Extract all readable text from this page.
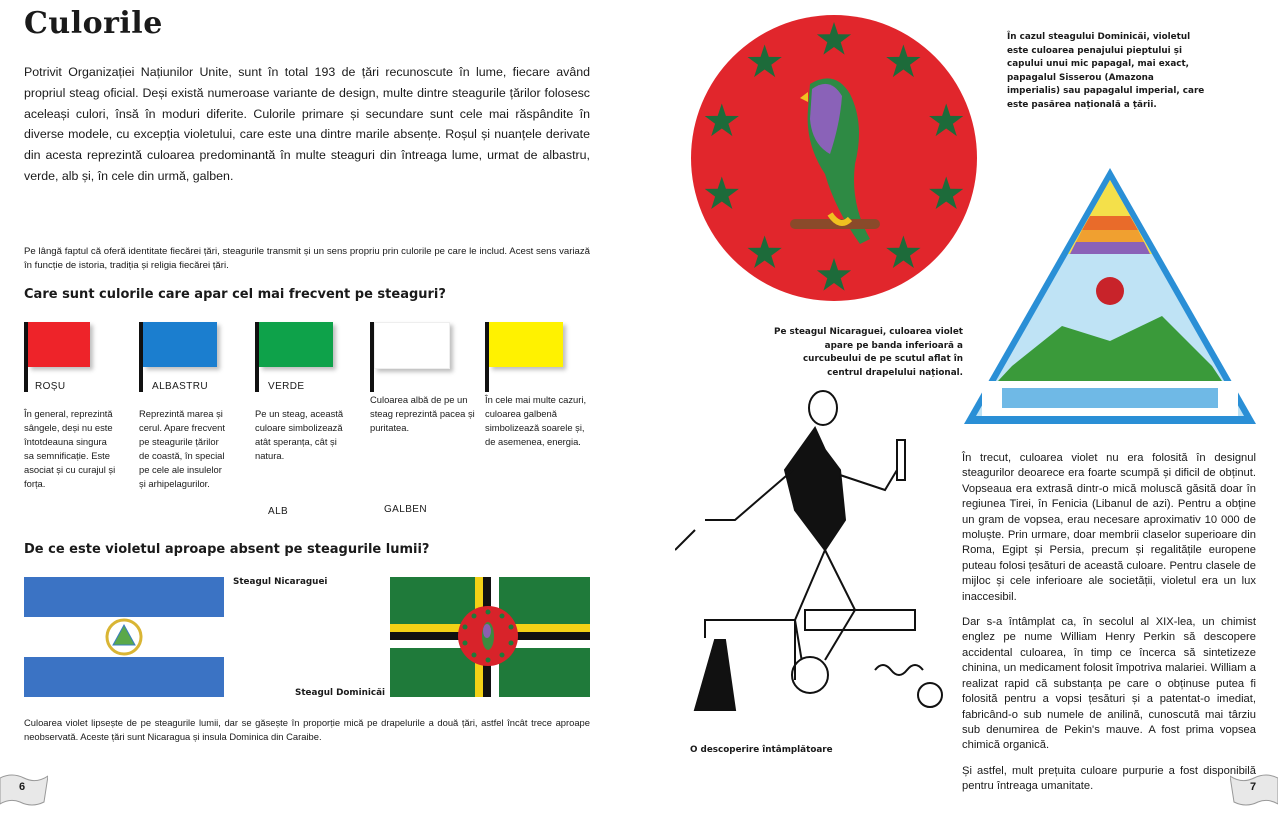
Culorile
Potrivit Organizației Națiunilor Unite, sunt în total 193 de țări recunoscute în lume, fiecare având propriul steag oficial. Deși există numeroase variante de design, multe dintre steagurile țărilor folosesc aceleași culori, însă în moduri diferite. Culorile primare și secundare sunt cele mai răspândite în diverse modele, cu excepția violetului, care este una dintre marile absențe. Roșul și nuanțele derivate din acesta reprezintă culoarea predominantă în multe steaguri din întreaga lume, urmat de albastru, verde, alb și, în cele din urmă, galben.
Pe lângă faptul că oferă identitate fiecărei țări, steagurile transmit și un sens propriu prin culorile pe care le includ. Acest sens variază în funcție de istoria, tradiția și religia fiecărei țări.
Care sunt culorile care apar cel mai frecvent pe steaguri?
ROȘU
În general, reprezintă sângele, deși nu este întotdeauna singura sa semnificație. Este asociat și cu curajul și forța.
ALBASTRU
Reprezintă marea și cerul. Apare frecvent pe steagurile țărilor de coastă, în special pe cele ale insulelor și arhipelagurilor.
VERDE
Pe un steag, această culoare simbolizează atât speranța, cât și natura.
Culoarea albă de pe un steag reprezintă pacea și puritatea.
ALB
În cele mai multe cazuri, culoarea galbenă simbolizează soarele și, de asemenea, energia.
GALBEN
De ce este violetul aproape absent pe steagurile lumii?
Steagul Nicaraguei
Steagul Dominicăi
Culoarea violet lipsește de pe steagurile lumii, dar se găsește în proporție mică pe drapelurile a două țări, astfel încât trece aproape neobservată. Aceste țări sunt Nicaragua și insula Dominica din Caraibe.
6
În cazul steagului Dominicăi, violetul este culoarea penajului pieptului și capului unui mic papagal, mai exact, papagalul Sisserou (Amazona imperialis) sau papagalul imperial, care este pasărea națională a țării.
Pe steagul Nicaraguei, culoarea violet apare pe banda inferioară a curcubeului de pe scutul aflat în centrul drapelului național.
O descoperire întâmplătoare

În trecut, culoarea violet nu era folosită în designul steagurilor deoarece era foarte scumpă și dificil de obținut. Vopseaua era extrasă dintr-o mică moluscă găsită doar în regiunea Tirei, în Fenicia (Libanul de azi). Pentru a obține un gram de vopsea, erau necesare aproximativ 10 000 de moluște. Prin urmare, doar membrii claselor superioare din Roma, Egipt și Persia, precum și regalitățile europene puteau folosi țesături de această culoare. Pentru clasele de mijloc și cele inferioare ale societății, violetul era un lux inaccesibil.

Dar s-a întâmplat ca, în secolul al XIX-lea, un chimist englez pe nume William Henry Perkin să descopere accidental culoarea, în timp ce încerca să sintetizeze chinina, un medicament folosit împotriva malariei. William a realizat rapid că substanța pe care o obținuse putea fi folosită pentru a vopsi țesături și a patentat-o imediat, fabricând-o sub numele de anilină, cunoscută mai târziu sub denumirea de Pekin's mauve. A fost prima vopsea chimică organică.

Și astfel, mult prețuita culoare purpurie a fost disponibilă pentru întreaga umanitate.	7
